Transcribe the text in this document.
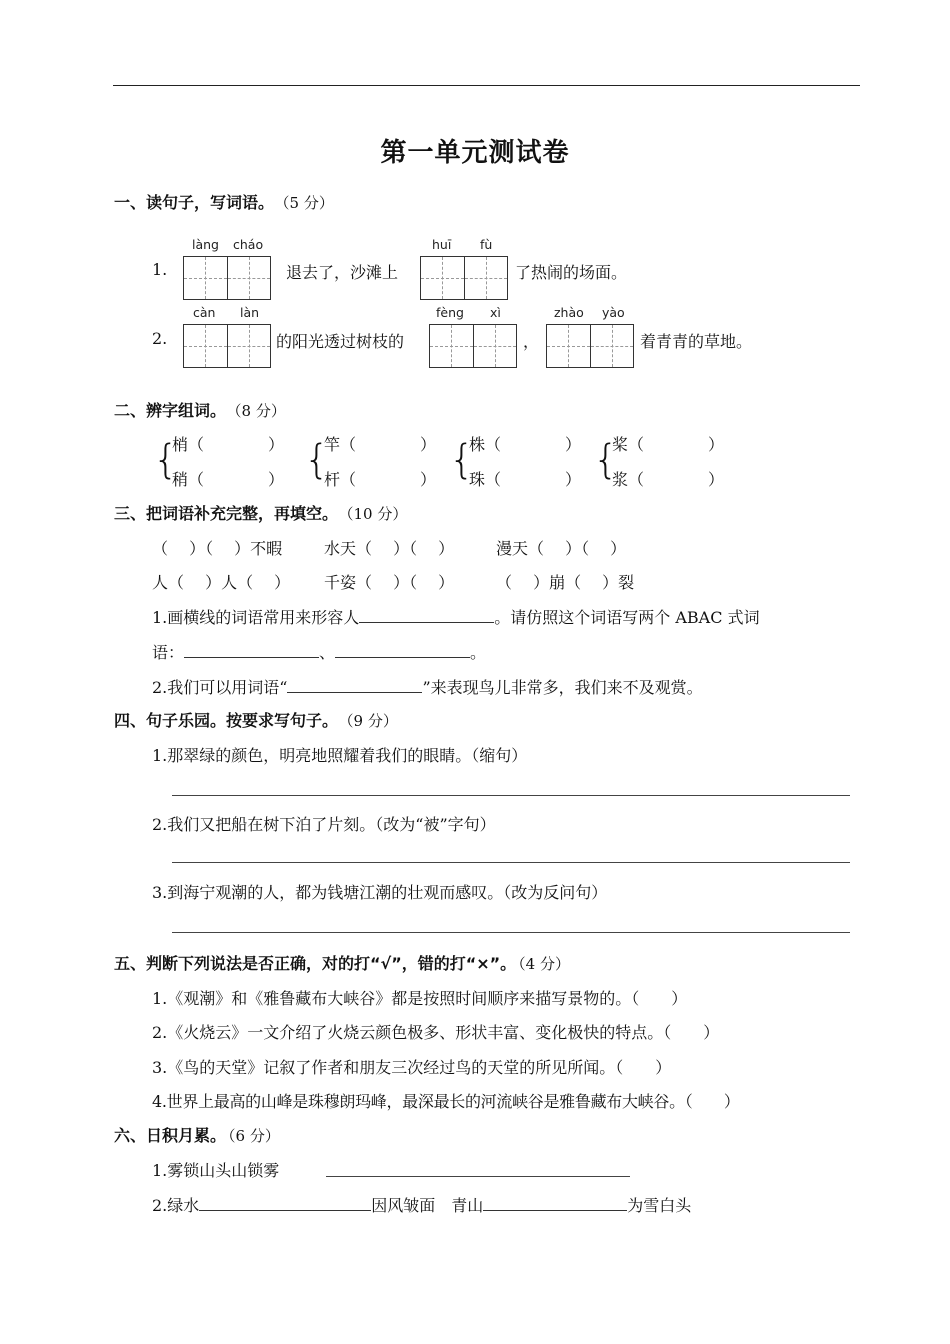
第一单元测试卷
一、读句子，写词语。 （5 分）
1.
làng cháo
退去了，沙滩上
huī fù
了热闹的场面。
2.
càn làn
的阳光透过树枝的
fèng xì
，
zhào yào
着青青的草地。
二、辨字组词。 （8 分）
{
梢（	）
稍（	） {
竿（	）
杆（	） {
株（	）
珠（	） {
桨（	）
浆（	）
三、把词语补充完整，再填空。 （10 分）
（　 ）（　 ）不暇	水天（　 ）（　 ）	漫天（　 ）（　 ）
人（　 ）人（　 ） 千姿（　 ）（　 ）	（　 ）崩（　 ）裂
1.画横线的词语常用来形容人	。请仿照这个词语写两个 ABAC 式词
语：	、	。
2.我们可以用词语“	”来表现鸟儿非常多，我们来不及观赏。
四、句子乐园。按要求写句子。 （9 分）
1.那翠绿的颜色，明亮地照耀着我们的眼睛。（缩句）
2.我们又把船在树下泊了片刻。（改为“被”字句）
3.到海宁观潮的人，都为钱塘江潮的壮观而感叹。（改为反问句）
五、判断下列说法是否正确，对的打“√”，错的打“×”。 （4 分）
1.《观潮》和《雅鲁藏布大峡谷》都是按照时间顺序来描写景物的。（　　）
2.《火烧云》一文介绍了火烧云颜色极多、形状丰富、变化极快的特点。（　　）
3.《鸟的天堂》记叙了作者和朋友三次经过鸟的天堂的所见所闻。（　　）
4.世界上最高的山峰是珠穆朗玛峰，最深最长的河流峡谷是雅鲁藏布大峡谷。（　　）
六、日积月累。 （6 分）
1.雾锁山头山锁雾
2.绿水	因风皱面　青山	为雪白头
